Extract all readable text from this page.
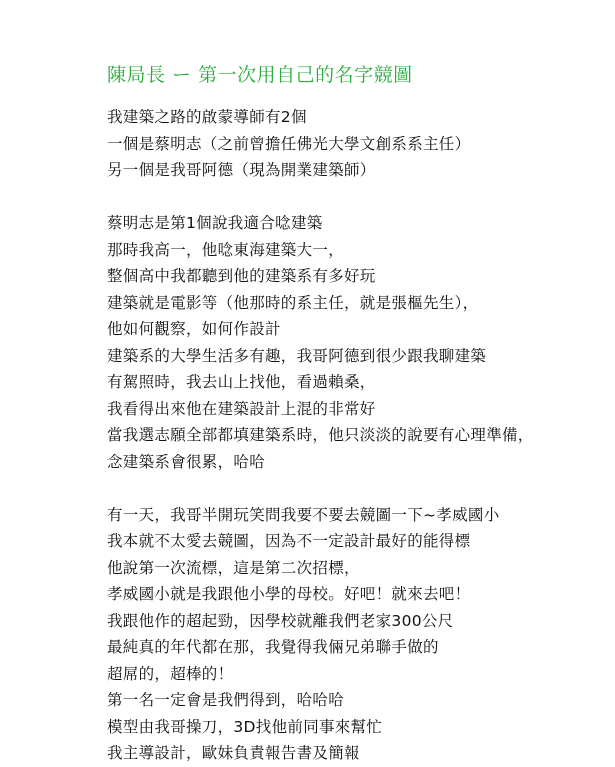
陳局長 ー 第一次用自己的名字競圖
我建築之路的啟蒙導師有2個
一個是蔡明志（之前曾擔任佛光大學文創系系主任）
另一個是我哥阿德（現為開業建築師）
蔡明志是第1個說我適合唸建築
那時我高一，他唸東海建築大一，
整個高中我都聽到他的建築系有多好玩
建築就是電影等（他那時的系主任，就是張樞先生），
他如何觀察，如何作設計
建築系的大學生活多有趣，我哥阿德到很少跟我聊建築
有駕照時，我去山上找他，看過賴桑，
我看得出來他在建築設計上混的非常好
當我選志願全部都填建築系時，他只淡淡的說要有心理準備，
念建築系會很累，哈哈
有一天，我哥半開玩笑問我要不要去競圖一下~孝威國小
我本就不太愛去競圖，因為不一定設計最好的能得標
他說第一次流標，這是第二次招標，
孝威國小就是我跟他小學的母校。好吧！就來去吧！
我跟他作的超起勁，因學校就離我們老家300公尺
最純真的年代都在那，我覺得我倆兄弟聯手做的
超屌的，超棒的！
第一名一定會是我們得到，哈哈哈
模型由我哥操刀，3D找他前同事來幫忙
我主導設計，歐妹負責報告書及簡報
